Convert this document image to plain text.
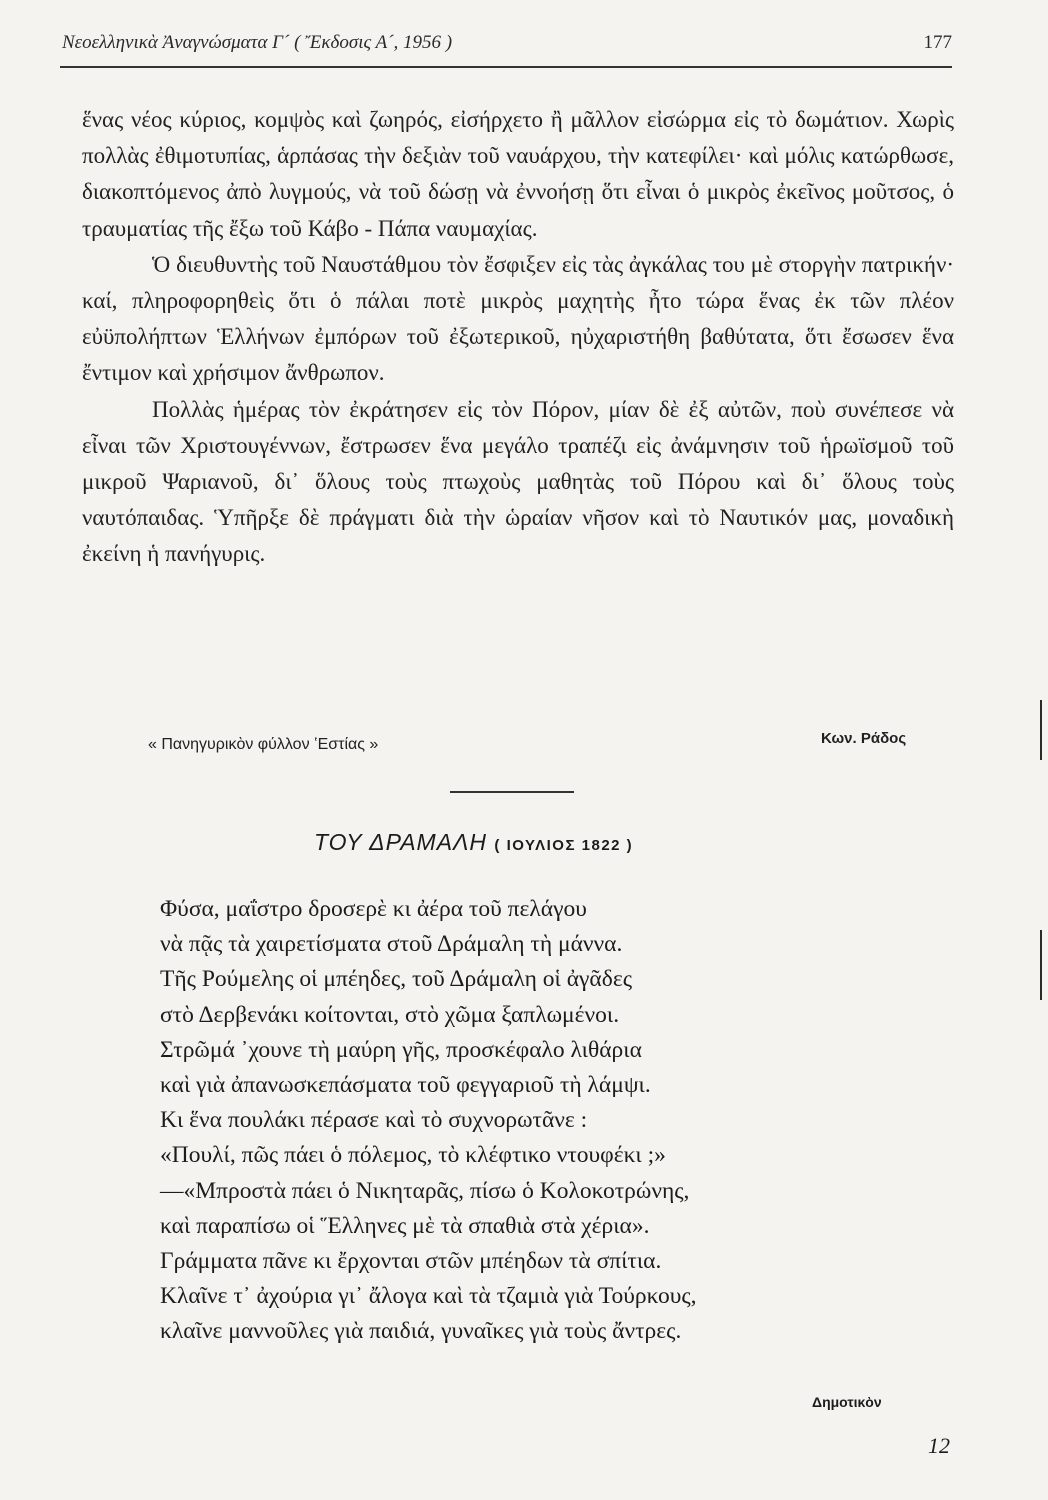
Νεοελληνικὰ Ἀναγνώσματα Γ´ ( Ἔκδοσις Α´, 1956 )	177

ἕνας νέος κύριος, κομψὸς καὶ ζωηρός, εἰσήρχετο ἢ μᾶλλον εἰσώρμα εἰς τὸ δωμάτιον. Χωρὶς πολλὰς ἐθιμοτυπίας, ἁρπάσας τὴν δεξιὰν τοῦ ναυάρχου, τὴν κατεφίλει· καὶ μόλις κατώρθωσε, διακοπτόμενος ἀπὸ λυγμούς, νὰ τοῦ δώσῃ νὰ ἐννοήσῃ ὅτι εἶναι ὁ μικρὸς ἐκεῖνος μοῦτσος, ὁ τραυματίας τῆς ἔξω τοῦ Κάβο - Πάπα ναυμαχίας.

Ὁ διευθυντὴς τοῦ Ναυστάθμου τὸν ἔσφιξεν εἰς τὰς ἀγκάλας του μὲ στοργὴν πατρικήν· καί, πληροφορηθεὶς ὅτι ὁ πάλαι ποτὲ μικρὸς μαχητὴς ἦτο τώρα ἕνας ἐκ τῶν πλέον εὐϋπολήπτων Ἑλλήνων ἐμπόρων τοῦ ἐξωτερικοῦ, ηὐχαριστήθη βαθύτατα, ὅτι ἔσωσεν ἕνα ἔντιμον καὶ χρήσιμον ἄνθρωπον.

Πολλὰς ἡμέρας τὸν ἐκράτησεν εἰς τὸν Πόρον, μίαν δὲ ἐξ αὐτῶν, ποὺ συνέπεσε νὰ εἶναι τῶν Χριστουγέννων, ἔστρωσεν ἕνα μεγάλο τραπέζι εἰς ἀνάμνησιν τοῦ ἡρωϊσμοῦ τοῦ μικροῦ Ψαριανοῦ, δι᾽ ὅλους τοὺς πτωχοὺς μαθητὰς τοῦ Πόρου καὶ δι᾽ ὅλους τοὺς ναυτόπαιδας. Ὑπῆρξε δὲ πράγματι διὰ τὴν ὡραίαν νῆσον καὶ τὸ Ναυτικόν μας, μοναδικὴ ἐκείνη ἡ πανήγυρις.

« Πανηγυρικὸν φύλλον ʽΕστίας »	Κων. Ράδος
ΤΟΥ ΔΡΑΜΑΛΗ ( ΙΟΥΛΙΟΣ 1822 )
Φύσα, μαΐστρο δροσερὲ κι ἀέρα τοῦ πελάγου
νὰ πᾷς τὰ χαιρετίσματα στοῦ Δράμαλη τὴ μάννα.
Τῆς Ρούμελης οἱ μπέηδες, τοῦ Δράμαλη οἱ ἀγᾶδες
στὸ Δερβενάκι κοίτονται, στὸ χῶμα ξαπλωμένοι.
Στρῶμά ᾽χουνε τὴ μαύρη γῆς, προσκέφαλο λιθάρια
καὶ γιὰ ἀπανωσκεπάσματα τοῦ φεγγαριοῦ τὴ λάμψι.
Κι ἕνα πουλάκι πέρασε καὶ τὸ συχνορωτᾶνε :
«Πουλί, πῶς πάει ὁ πόλεμος, τὸ κλέφτικο ντουφέκι ;»
—«Μπροστὰ πάει ὁ Νικηταρᾶς, πίσω ὁ Κολοκοτρώνης,
καὶ παραπίσω οἱ Ἕλληνες μὲ τὰ σπαθιὰ στὰ χέρια».
Γράμματα πᾶνε κι ἔρχονται στῶν μπέηδων τὰ σπίτια.
Κλαῖνε τ᾽ ἀχούρια γι᾽ ἄλογα καὶ τὰ τζαμιὰ γιὰ Τούρκους,
κλαῖνε μαννοῦλες γιὰ παιδιά, γυναῖκες γιὰ τοὺς ἄντρες.
Δημοτικὸν
12
